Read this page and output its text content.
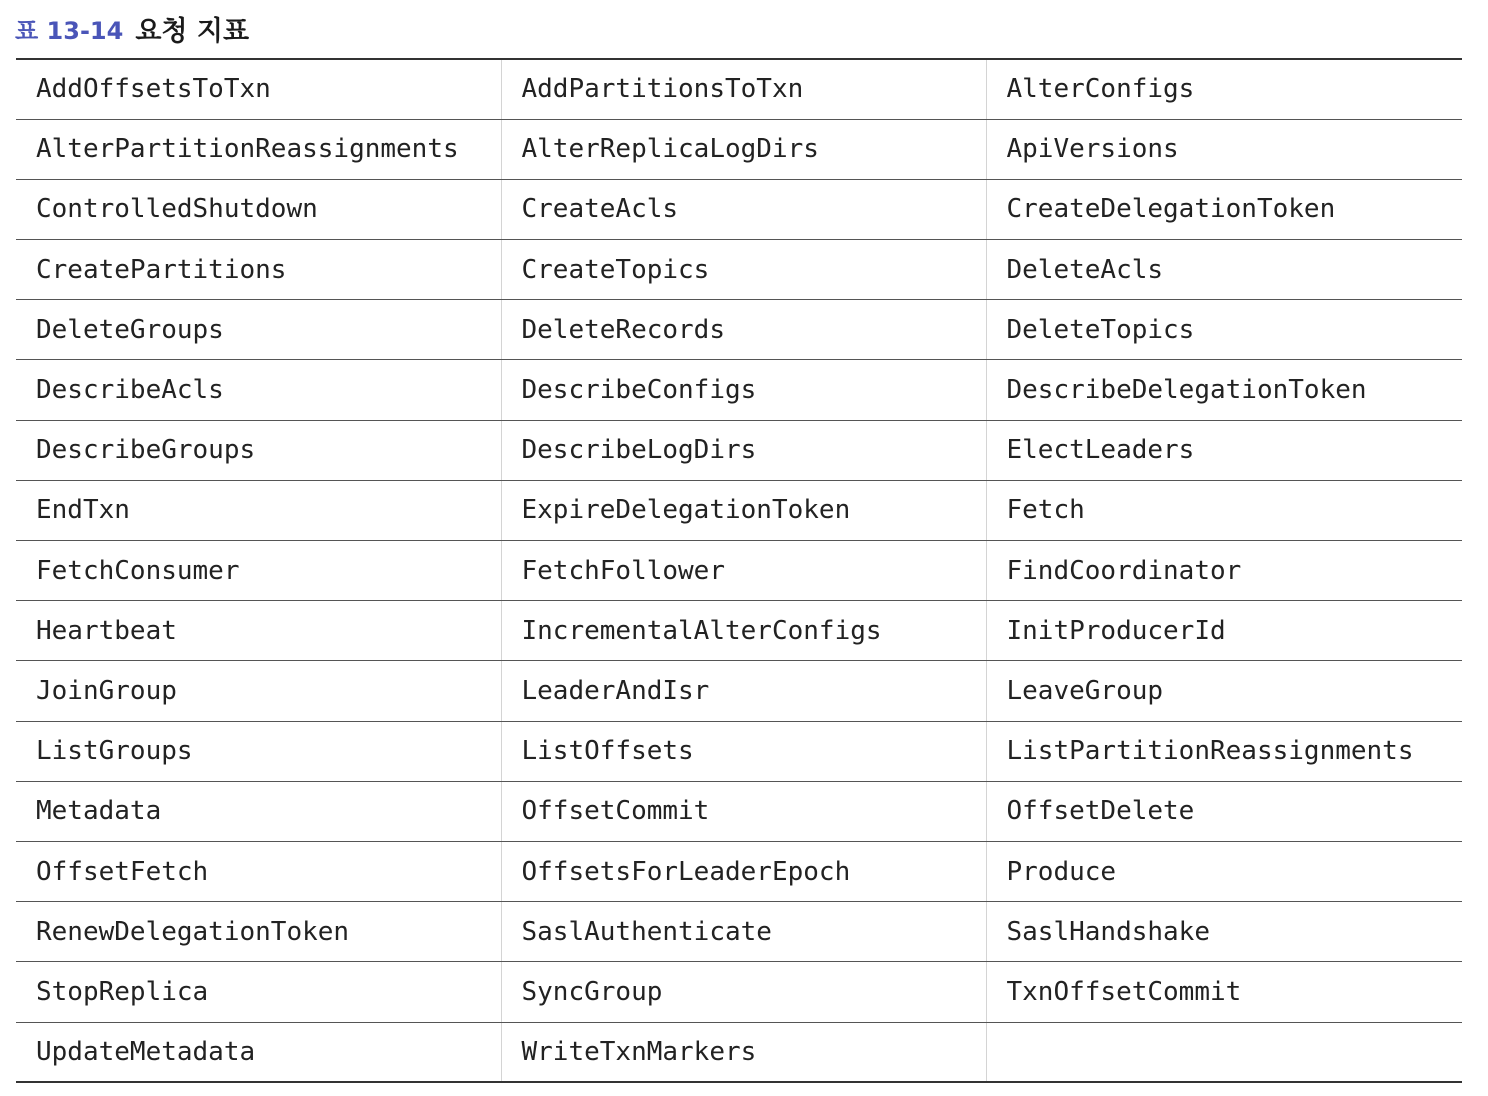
표 13-14 요청 지표
AddOffsetsToTxn	AddPartitionsToTxn	AlterConfigs
AlterPartitionReassignments	AlterReplicaLogDirs	ApiVersions
ControlledShutdown	CreateAcls	CreateDelegationToken
CreatePartitions	CreateTopics	DeleteAcls
DeleteGroups	DeleteRecords	DeleteTopics
DescribeAcls	DescribeConfigs	DescribeDelegationToken
DescribeGroups	DescribeLogDirs	ElectLeaders
EndTxn	ExpireDelegationToken	Fetch
FetchConsumer	FetchFollower	FindCoordinator
Heartbeat	IncrementalAlterConfigs	InitProducerId
JoinGroup	LeaderAndIsr	LeaveGroup
ListGroups	ListOffsets	ListPartitionReassignments
Metadata	OffsetCommit	OffsetDelete
OffsetFetch	OffsetsForLeaderEpoch	Produce
RenewDelegationToken	SaslAuthenticate	SaslHandshake
StopReplica	SyncGroup	TxnOffsetCommit
UpdateMetadata	WriteTxnMarkers	
